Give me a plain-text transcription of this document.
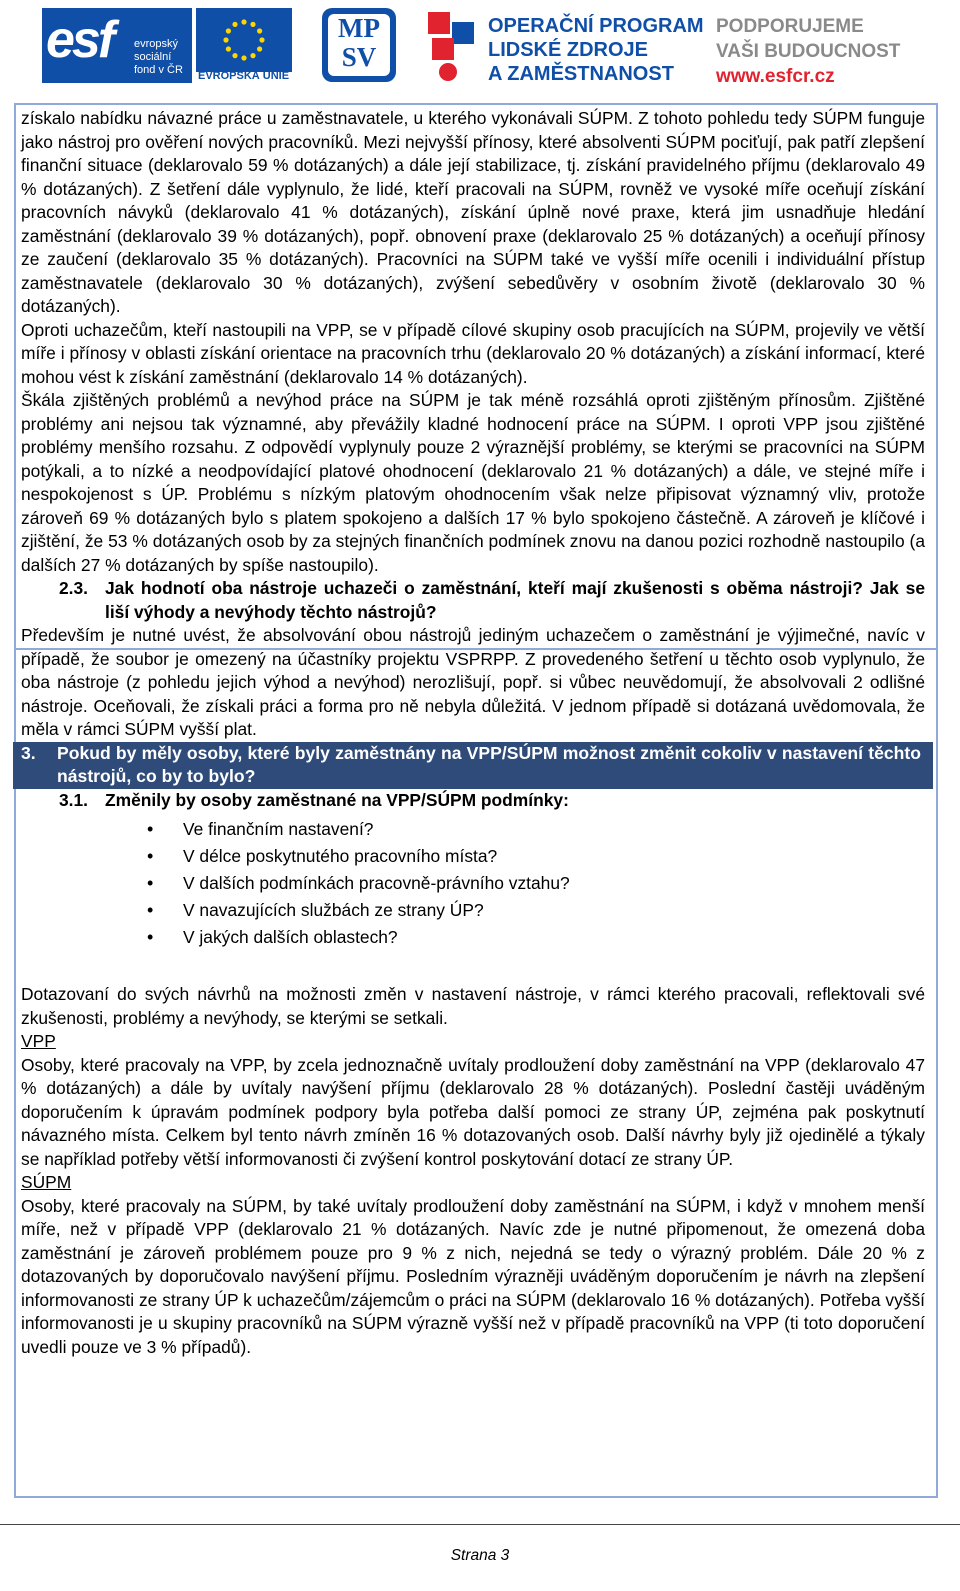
esf evropský
sociální
fond v ČR EVROPSKÁ UNIE
MP
SV
OPERAČNÍ PROGRAM
LIDSKÉ ZDROJE
A ZAMĚSTNANOST
PODPORUJEME
VAŠI BUDOUCNOST
www.esfcr.cz

získalo nabídku návazné práce u zaměstnavatele, u kterého vykonávali SÚPM. Z tohoto pohledu tedy SÚPM funguje jako nástroj pro ověření nových pracovníků. Mezi nejvyšší přínosy, které absolventi SÚPM pociťují, pak patří zlepšení finanční situace (deklarovalo 59 % dotázaných) a dále její stabilizace, tj. získání pravidelného příjmu (deklarovalo 49 % dotázaných). Z šetření dále vyplynulo, že lidé, kteří pracovali na SÚPM, rovněž ve vysoké míře oceňují získání pracovních návyků (deklarovalo 41 % dotázaných), získání úplně nové praxe, která jim usnadňuje hledání zaměstnání (deklarovalo 39 % dotázaných), popř. obnovení praxe (deklarovalo 25 % dotázaných) a oceňují přínosy ze zaučení (deklarovalo 35 % dotázaných). Pracovníci na SÚPM také ve vyšší míře ocenili i individuální přístup zaměstnavatele (deklarovalo 30 % dotázaných), zvýšení sebedůvěry v osobním životě (deklarovalo 30 % dotázaných).

Oproti uchazečům, kteří nastoupili na VPP, se v případě cílové skupiny osob pracujících na SÚPM, projevily ve větší míře i přínosy v oblasti získání orientace na pracovních trhu (deklarovalo 20 % dotázaných) a získání informací, které mohou vést k získání zaměstnání (deklarovalo 14 % dotázaných).

Škála zjištěných problémů a nevýhod práce na SÚPM je tak méně rozsáhlá oproti zjištěným přínosům. Zjištěné problémy ani nejsou tak významné, aby převážily kladné hodnocení práce na SÚPM. I oproti VPP jsou zjištěné problémy menšího rozsahu. Z odpovědí vyplynuly pouze 2 výraznější problémy, se kterými se pracovníci na SÚPM potýkali, a to nízké a neodpovídající platové ohodnocení (deklarovalo 21 % dotázaných) a dále, ve stejné míře i nespokojenost s ÚP. Problému s nízkým platovým ohodnocením však nelze připisovat významný vliv, protože zároveň 69 % dotázaných bylo s platem spokojeno a dalších 17 % bylo spokojeno částečně. A zároveň je klíčové i zjištění, že 53 % dotázaných osob by za stejných finančních podmínek znovu na danou pozici rozhodně nastoupilo (a dalších 27 % dotázaných by spíše nastoupilo).

2.3. Jak hodnotí oba nástroje uchazeči o zaměstnání, kteří mají zkušenosti s oběma nástroji? Jak se liší výhody a nevýhody těchto nástrojů?

Především je nutné uvést, že absolvování obou nástrojů jediným uchazečem o zaměstnání je výjimečné, navíc v případě, že soubor je omezený na účastníky projektu VSPRPP. Z provedeného šetření u těchto osob vyplynulo, že oba nástroje (z pohledu jejich výhod a nevýhod) nerozlišují, popř. si vůbec neuvědomují, že absolvovali 2 odlišné nástroje. Oceňovali, že získali práci a forma pro ně nebyla důležitá. V jednom případě si dotázaná uvědomovala, že měla v rámci SÚPM vyšší plat.

3.	Pokud by měly osoby, které byly zaměstnány na VPP/SÚPM možnost změnit cokoliv v nastavení těchto nástrojů, co by to bylo?
3.1. Změnily by osoby zaměstnané na VPP/SÚPM podmínky:
• Ve finančním nastavení?
• V délce poskytnutého pracovního místa?
• V dalších podmínkách pracovně-právního vztahu?
• V navazujících službách ze strany ÚP?
• V jakých dalších oblastech?

Dotazovaní do svých návrhů na možnosti změn v nastavení nástroje, v rámci kterého pracovali, reflektovali své zkušenosti, problémy a nevýhody, se kterými se setkali.

VPP

Osoby, které pracovaly na VPP, by zcela jednoznačně uvítaly prodloužení doby zaměstnání na VPP (deklarovalo 47 % dotázaných) a dále by uvítaly navýšení příjmu (deklarovalo 28 % dotázaných). Poslední častěji uváděným doporučením k úpravám podmínek podpory byla potřeba další pomoci ze strany ÚP, zejména pak poskytnutí návazného místa. Celkem byl tento návrh zmíněn 16 % dotazovaných osob. Další návrhy byly již ojedinělé a týkaly se například potřeby větší informovanosti či zvýšení kontrol poskytování dotací ze strany ÚP.

SÚPM

Osoby, které pracovaly na SÚPM, by také uvítaly prodloužení doby zaměstnání na SÚPM, i když v mnohem menší míře, než v případě VPP (deklarovalo 21 % dotázaných. Navíc zde je nutné připomenout, že omezená doba zaměstnání je zároveň problémem pouze pro 9 % z nich, nejedná se tedy o výrazný problém. Dále 20 % z dotazovaných by doporučovalo navýšení příjmu. Posledním výrazněji uváděným doporučením je návrh na zlepšení informovanosti ze strany ÚP k uchazečům/zájemcům o práci na SÚPM (deklarovalo 16 % dotázaných). Potřeba vyšší informovanosti je u skupiny pracovníků na SÚPM výrazně vyšší než v případě pracovníků na VPP (ti toto doporučení uvedli pouze ve 3 % případů).

Strana 3
